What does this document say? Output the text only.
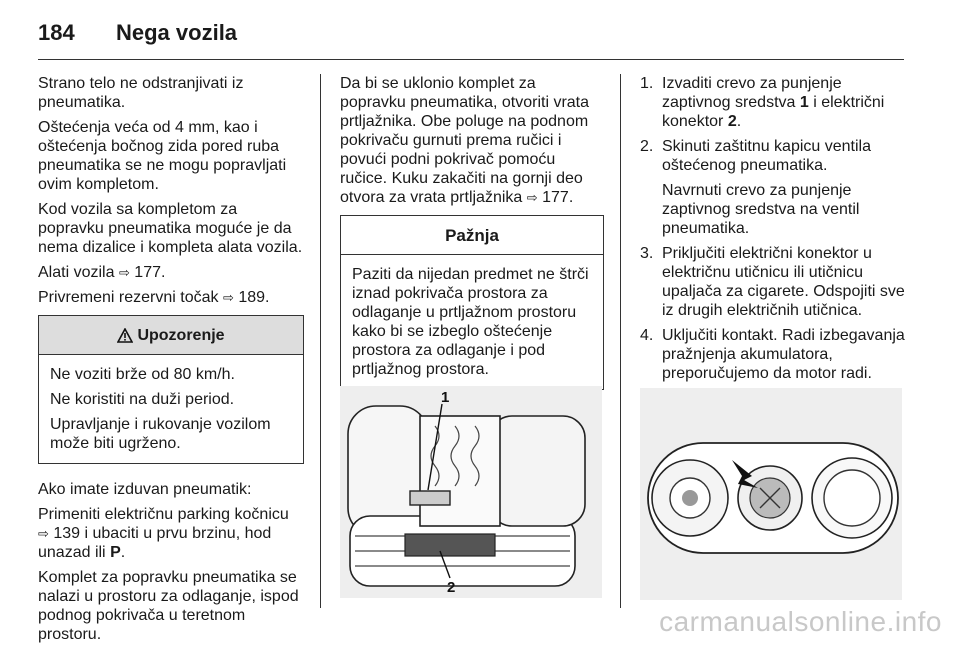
184 Nega vozila

Strano telo ne odstranjivati iz pneumatika.

Oštećenja veća od 4 mm, kao i oštećenja bočnog zida pored ruba pneumatika se ne mogu popravljati ovim kompletom.

Kod vozila sa kompletom za popravku pneumatika moguće je da nema dizalice i kompleta alata vozila.

Alati vozila ⇨ 177.

Privremeni rezervni točak ⇨ 189.

Upozorenje

Ne voziti brže od 80 km/h.

Ne koristiti na duži period.

Upravljanje i rukovanje vozilom može biti ugrženo.

Ako imate izduvan pneumatik:

Primeniti električnu parking kočnicu ⇨ 139 i ubaciti u prvu brzinu, hod unazad ili P.

Komplet za popravku pneumatika se nalazi u prostoru za odlaganje, ispod podnog pokrivača u teretnom prostoru.

Da bi se uklonio komplet za popravku pneumatika, otvoriti vrata prtljažnika. Obe poluge na podnom pokrivaču gurnuti prema ručici i povući podni pokrivač pomoću ručice. Kuku zakačiti na gornji deo otvora za vrata prtljažnika ⇨ 177.

Pažnja

Paziti da nijedan predmet ne štrči iznad pokrivača prostora za odlaganje u prtljažnom prostoru kako bi se izbeglo oštećenje prostora za odlaganje i pod prtljažnog prostora.

1
2
1. Izvaditi crevo za punjenje zaptivnog sredstva 1 i električni konektor 2.

2. Skinuti zaštitnu kapicu ventila oštećenog pneumatika.

Navrnuti crevo za punjenje zaptivnog sredstva na ventil pneumatika.

3. Priključiti električni konektor u električnu utičnicu ili utičnicu upaljača za cigarete. Odspojiti sve iz drugih električnih utičnica.

4. Uključiti kontakt. Radi izbegavanja pražnjenja akumulatora, preporučujemo da motor radi.

carmanualsonline.info
